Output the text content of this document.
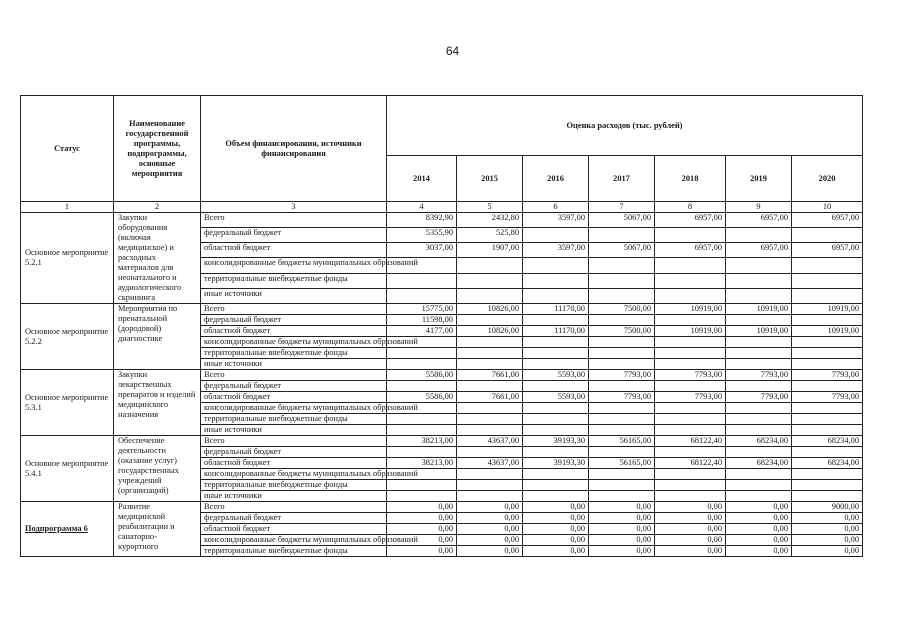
64
Статус	Наименование государственной программы, подпрограммы, основные мероприятия	Объем финансирования, источники финансирования	Оценка расходов (тыс. рублей)						
			2014	2015	2016	2017	2018	2019	2020
1	2	3	4	5	6	7	8	9	10
Основное мероприятие 5.2.1	Закупки оборудования (включая медицинское) и расходных материалов для неонатального и аудиологического скрининга	Всего	8392,90	2432,80	3597,00	5067,00	6957,00	6957,00	6957,00
		федеральный бюджет	5355,90	525,80					
		областной бюджет	3037,00	1907,00	3597,00	5067,00	6957,00	6957,00	6957,00
		консолидированные бюджеты муниципальных образований							
		территориальные внебюджетные фонды							
		иные источники							
Основное мероприятие 5.2.2	Мероприятия по пренатальной (дородовой) диагностике	Всего	15775,00	10826,00	11170,00	7500,00	10919,00	10919,00	10919,00
		федеральный бюджет	11598,00						
		областной бюджет	4177,00	10826,00	11170,00	7500,00	10919,00	10919,00	10919,00
		консолидированные бюджеты муниципальных образований							
		территориальные внебюджетные фонды							
		иные источники							
Основное мероприятие 5.3.1	Закупки лекарственных препаратов и изделий медицинского назначения	Всего	5586,00	7661,00	5593,00	7793,00	7793,00	7793,00	7793,00
		федеральный бюджет							
		областной бюджет	5586,00	7661,00	5593,00	7793,00	7793,00	7793,00	7793,00
		консолидированные бюджеты муниципальных образований							
		территориальные внебюджетные фонды							
		иные источники							
Основное мероприятие 5.4.1	Обеспечение деятельности (оказание услуг) государственных учреждений (организаций)	Всего	38213,00	43637,00	39193,30	56165,00	68122,40	68234,00	68234,00
		федеральный бюджет							
		областной бюджет	38213,00	43637,00	39193,30	56165,00	68122,40	68234,00	68234,00
		консолидированные бюджеты муниципальных образований							
		территориальные внебюджетные фонды							
		иные источники							
Подпрограмма 6	Развитие медицинской реабилитации и санаторно-курортного	Всего	0,00	0,00	0,00	0,00	0,00	0,00	9000,00
		федеральный бюджет	0,00	0,00	0,00	0,00	0,00	0,00	0,00
		областной бюджет	0,00	0,00	0,00	0,00	0,00	0,00	0,00
		консолидированные бюджеты муниципальных образований	0,00	0,00	0,00	0,00	0,00	0,00	0,00
		территориальные внебюджетные фонды	0,00	0,00	0,00	0,00	0,00	0,00	0,00
